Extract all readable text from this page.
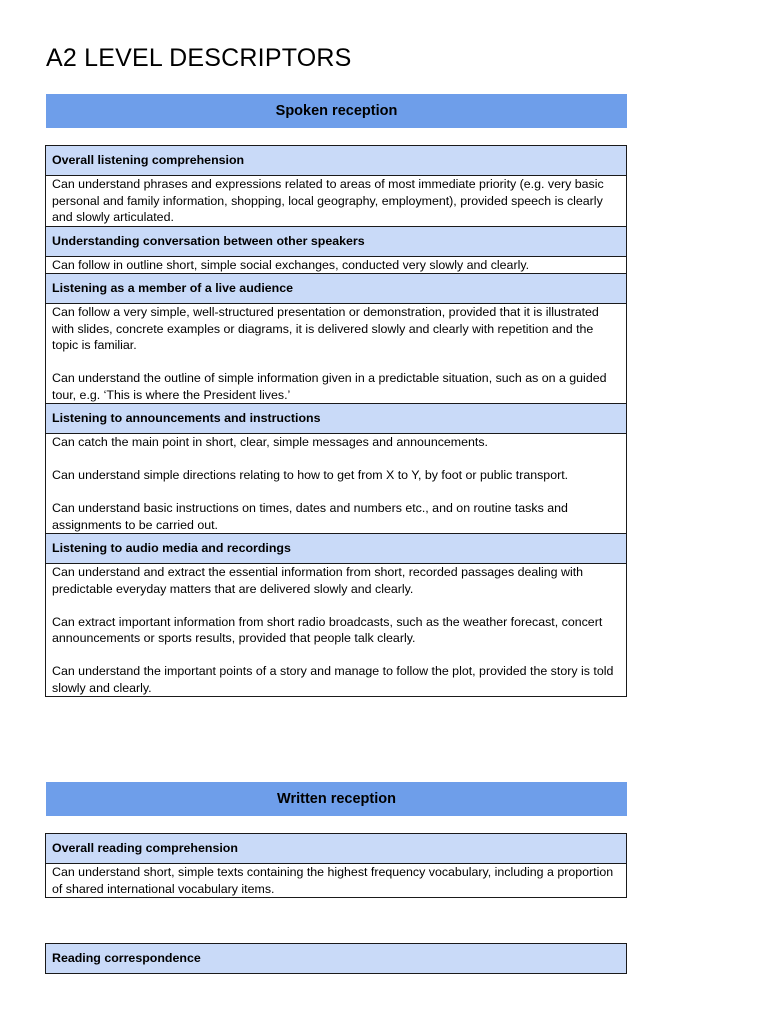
A2 LEVEL DESCRIPTORS
Spoken reception
Overall listening comprehension

Can understand phrases and expressions related to areas of most immediate priority (e.g. very basic personal and family information, shopping, local geography, employment), provided speech is clearly and slowly articulated.

Understanding conversation between other speakers

Can follow in outline short, simple social exchanges, conducted very slowly and clearly.

Listening as a member of a live audience

Can follow a very simple, well-structured presentation or demonstration, provided that it is illustrated with slides, concrete examples or diagrams, it is delivered slowly and clearly with repetition and the topic is familiar.

Can understand the outline of simple information given in a predictable situation, such as on a guided tour, e.g. ‘This is where the President lives.’

Listening to announcements and instructions

Can catch the main point in short, clear, simple messages and announcements.

Can understand simple directions relating to how to get from X to Y, by foot or public transport.

Can understand basic instructions on times, dates and numbers etc., and on routine tasks and assignments to be carried out.

Listening to audio media and recordings

Can understand and extract the essential information from short, recorded passages dealing with predictable everyday matters that are delivered slowly and clearly.

Can extract important information from short radio broadcasts, such as the weather forecast, concert announcements or sports results, provided that people talk clearly.

Can understand the important points of a story and manage to follow the plot, provided the story is told slowly and clearly.

Written reception
Overall reading comprehension

Can understand short, simple texts containing the highest frequency vocabulary, including a proportion of shared international vocabulary items.

Reading correspondence
